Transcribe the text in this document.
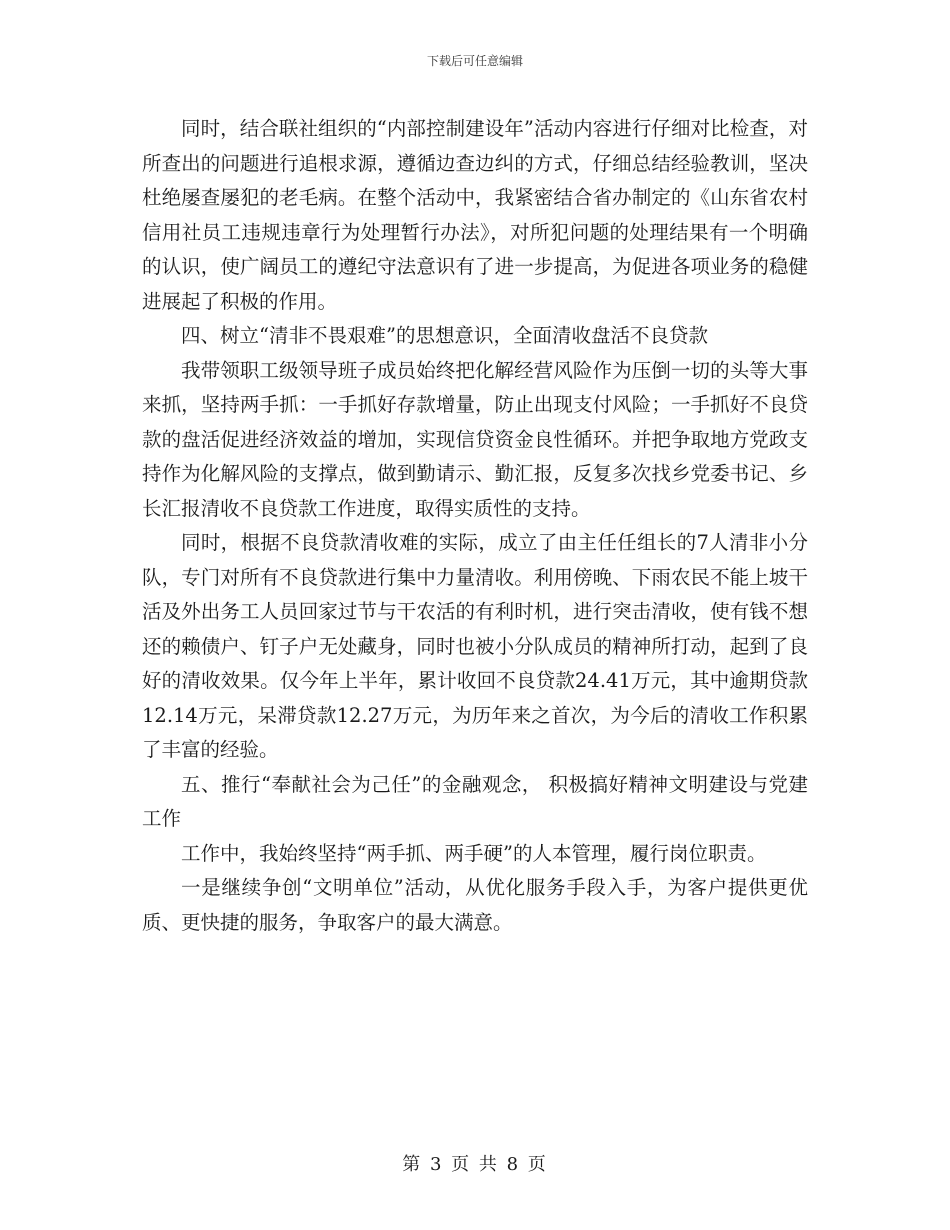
下载后可任意编辑

同时，结合联社组织的“内部控制建设年”活动内容进行仔细对比检查，对所查出的问题进行追根求源，遵循边查边纠的方式，仔细总结经验教训，坚决杜绝屡查屡犯的老毛病。在整个活动中，我紧密结合省办制定的《山东省农村信用社员工违规违章行为处理暂行办法》，对所犯问题的处理结果有一个明确的认识，使广阔员工的遵纪守法意识有了进一步提高，为促进各项业务的稳健进展起了积极的作用。

四、树立“清非不畏艰难”的思想意识，全面清收盘活不良贷款

我带领职工级领导班子成员始终把化解经营风险作为压倒一切的头等大事来抓，坚持两手抓：一手抓好存款增量，防止出现支付风险；一手抓好不良贷款的盘活促进经济效益的增加，实现信贷资金良性循环。并把争取地方党政支持作为化解风险的支撑点，做到勤请示、勤汇报，反复多次找乡党委书记、乡长汇报清收不良贷款工作进度，取得实质性的支持。

同时，根据不良贷款清收难的实际，成立了由主任任组长的7人清非小分队，专门对所有不良贷款进行集中力量清收。利用傍晚、下雨农民不能上坡干活及外出务工人员回家过节与干农活的有利时机，进行突击清收，使有钱不想还的赖债户、钉子户无处藏身，同时也被小分队成员的精神所打动，起到了良好的清收效果。仅今年上半年，累计收回不良贷款24.41万元，其中逾期贷款12.14万元，呆滞贷款12.27万元，为历年来之首次，为今后的清收工作积累了丰富的经验。

五、推行“奉献社会为己任”的金融观念， 积极搞好精神文明建设与党建工作

工作中，我始终坚持“两手抓、两手硬”的人本管理，履行岗位职责。

一是继续争创“文明单位”活动，从优化服务手段入手，为客户提供更优质、更快捷的服务，争取客户的最大满意。

第 3 页 共 8 页
